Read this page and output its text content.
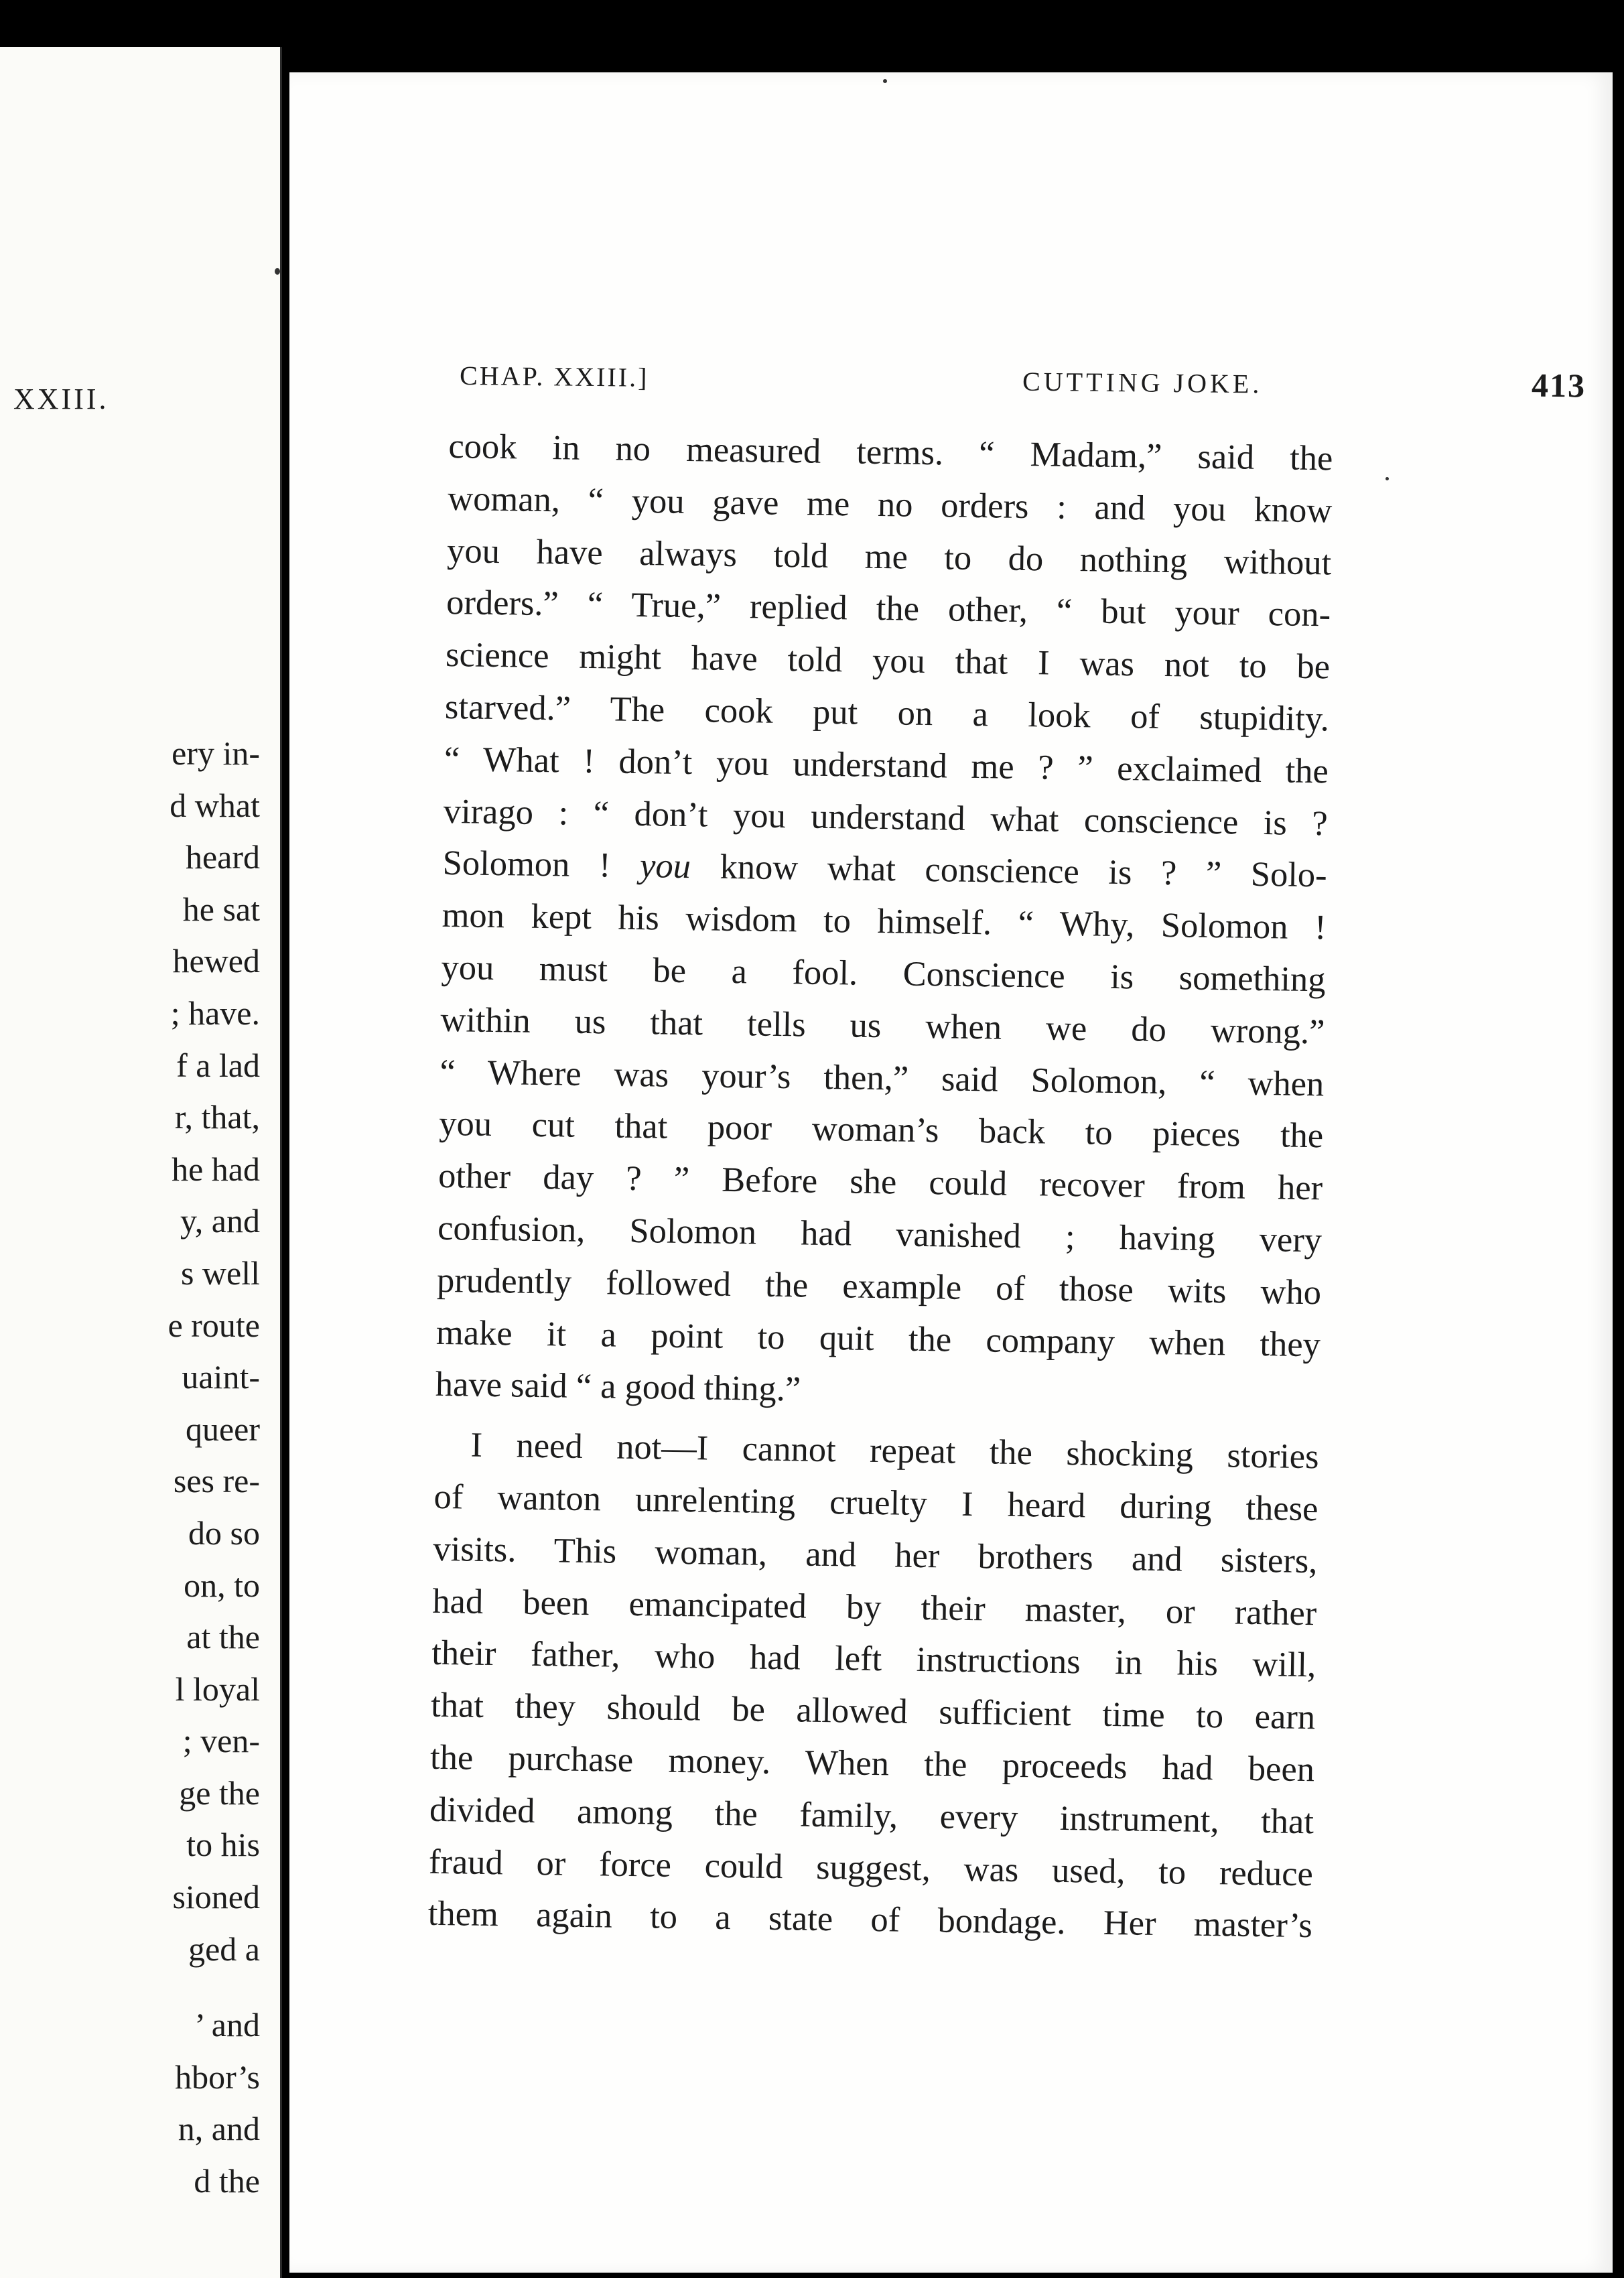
XXIII.
ery in-
d what
heard
he sat
hewed
; have.
f a lad
r, that,
he had
y, and
s well
e route
uaint-
queer
ses re-
do so
on, to
at the
l loyal
; ven-
ge the
to his
sioned
ged a
’ and
hbor’s
n, and
d the
CHAP. XXIII.]	CUTTING JOKE.	413
cook in no measured terms. “ Madam,” said the
woman, “ you gave me no orders : and you know
you have always told me to do nothing without
orders.” “ True,” replied the other, “ but your con-
science might have told you that I was not to be
starved.” The cook put on a look of stupidity.
“ What ! don’t you understand me ? ” exclaimed the
virago : “ don’t you understand what conscience is ?
Solomon ! you know what conscience is ? ” Solo-
mon kept his wisdom to himself. “ Why, Solomon !
you must be a fool. Conscience is something
within us that tells us when we do wrong.”
“ Where was your’s then,” said Solomon, “ when
you cut that poor woman’s back to pieces the
other day ? ” Before she could recover from her
confusion, Solomon had vanished ; having very
prudently followed the example of those wits who
make it a point to quit the company when they
have said “ a good thing.”
I need not—I cannot repeat the shocking stories
of wanton unrelenting cruelty I heard during these
visits. This woman, and her brothers and sisters,
had been emancipated by their master, or rather
their father, who had left instructions in his will,
that they should be allowed sufficient time to earn
the purchase money. When the proceeds had been
divided among the family, every instrument, that
fraud or force could suggest, was used, to reduce
them again to a state of bondage. Her master’s
